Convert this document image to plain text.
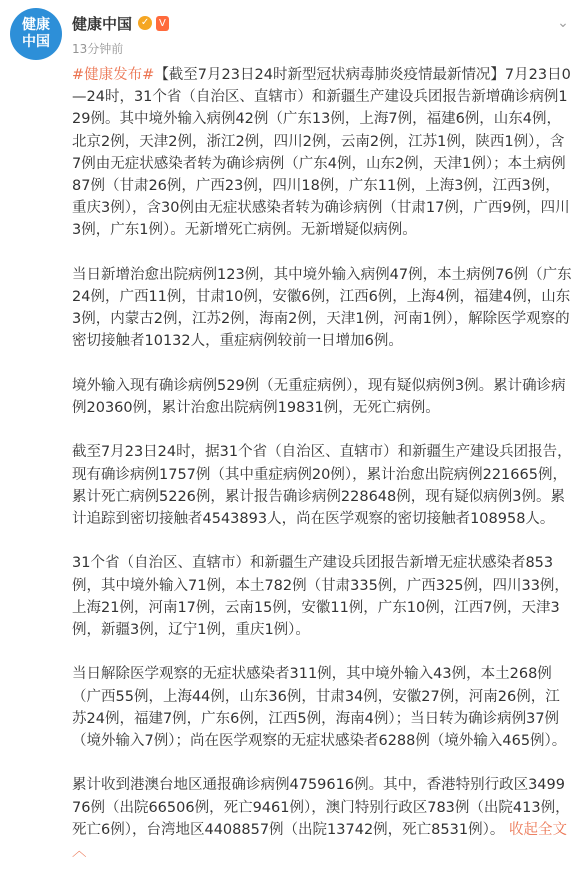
健康
中国
健康中国 ✓ V
13分钟前
⌄

#健康发布#【截至7月23日24时新型冠状病毒肺炎疫情最新情况】7月23日0—24时，31个省（自治区、直辖市）和新疆生产建设兵团报告新增确诊病例129例。其中境外输入病例42例（广东13例，上海7例，福建6例，山东4例，北京2例，天津2例，浙江2例，四川2例，云南2例，江苏1例，陕西1例），含7例由无症状感染者转为确诊病例（广东4例，山东2例，天津1例）；本土病例87例（甘肃26例，广西23例，四川18例，广东11例，上海3例，江西3例，重庆3例），含30例由无症状感染者转为确诊病例（甘肃17例，广西9例，四川3例，广东1例）。无新增死亡病例。无新增疑似病例。

当日新增治愈出院病例123例，其中境外输入病例47例，本土病例76例（广东24例，广西11例，甘肃10例，安徽6例，江西6例，上海4例，福建4例，山东3例，内蒙古2例，江苏2例，海南2例，天津1例，河南1例），解除医学观察的密切接触者10132人，重症病例较前一日增加6例。

境外输入现有确诊病例529例（无重症病例），现有疑似病例3例。累计确诊病例20360例，累计治愈出院病例19831例，无死亡病例。

截至7月23日24时，据31个省（自治区、直辖市）和新疆生产建设兵团报告，现有确诊病例1757例（其中重症病例20例），累计治愈出院病例221665例，累计死亡病例5226例，累计报告确诊病例228648例，现有疑似病例3例。累计追踪到密切接触者4543893人，尚在医学观察的密切接触者108958人。

31个省（自治区、直辖市）和新疆生产建设兵团报告新增无症状感染者853例，其中境外输入71例，本土782例（甘肃335例，广西325例，四川33例，上海21例，河南17例，云南15例，安徽11例，广东10例，江西7例，天津3例，新疆3例，辽宁1例，重庆1例）。

当日解除医学观察的无症状感染者311例，其中境外输入43例，本土268例（广西55例，上海44例，山东36例，甘肃34例，安徽27例，河南26例，江苏24例，福建7例，广东6例，江西5例，海南4例）；当日转为确诊病例37例（境外输入7例）；尚在医学观察的无症状感染者6288例（境外输入465例）。

累计收到港澳台地区通报确诊病例4759616例。其中，香港特别行政区349976例（出院66506例，死亡9461例），澳门特别行政区783例（出院413例，死亡6例），台湾地区4408857例（出院13742例，死亡8531例）。 收起全文 ︿
